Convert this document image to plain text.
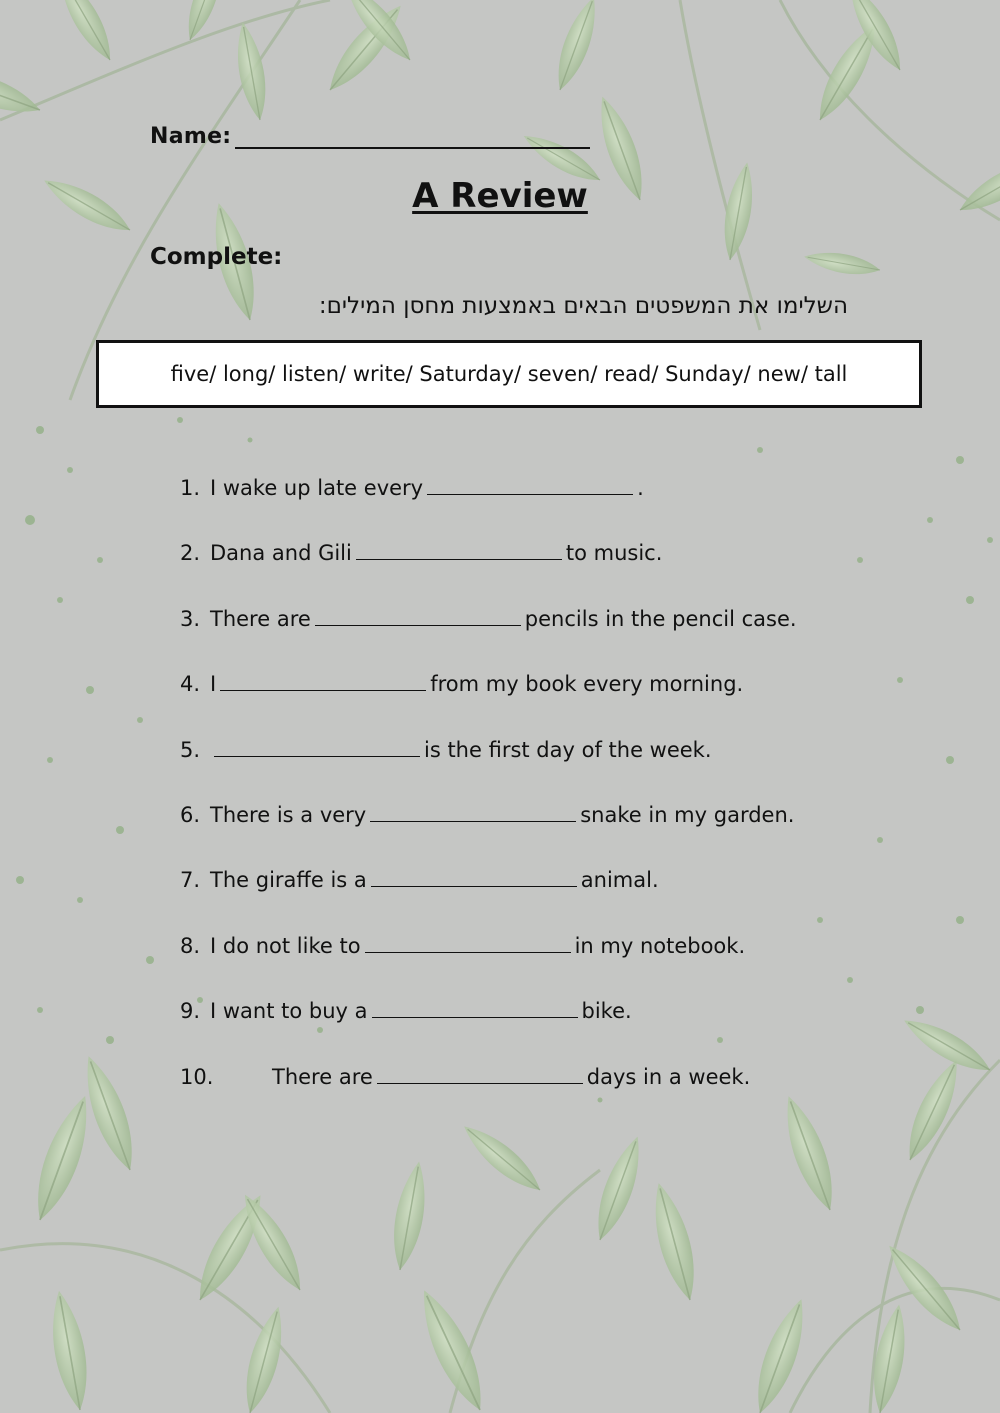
Name:
A Review
Complete:
השלימו את המשפטים הבאים באמצעות מחסן המילים:
five/ long/ listen/ write/ Saturday/ seven/ read/ Sunday/ new/ tall
1. I wake up late every	.
2. Dana and Gili	to music.
3. There are	pencils in the pencil case.
4. I	from my book every morning.
5.	is the first day of the week.
6. There is a very	snake in my garden.
7. The giraffe is a	animal.
8. I do not like to	in my notebook.
9. I want to buy a	bike.
10.	There are	days in a week.
